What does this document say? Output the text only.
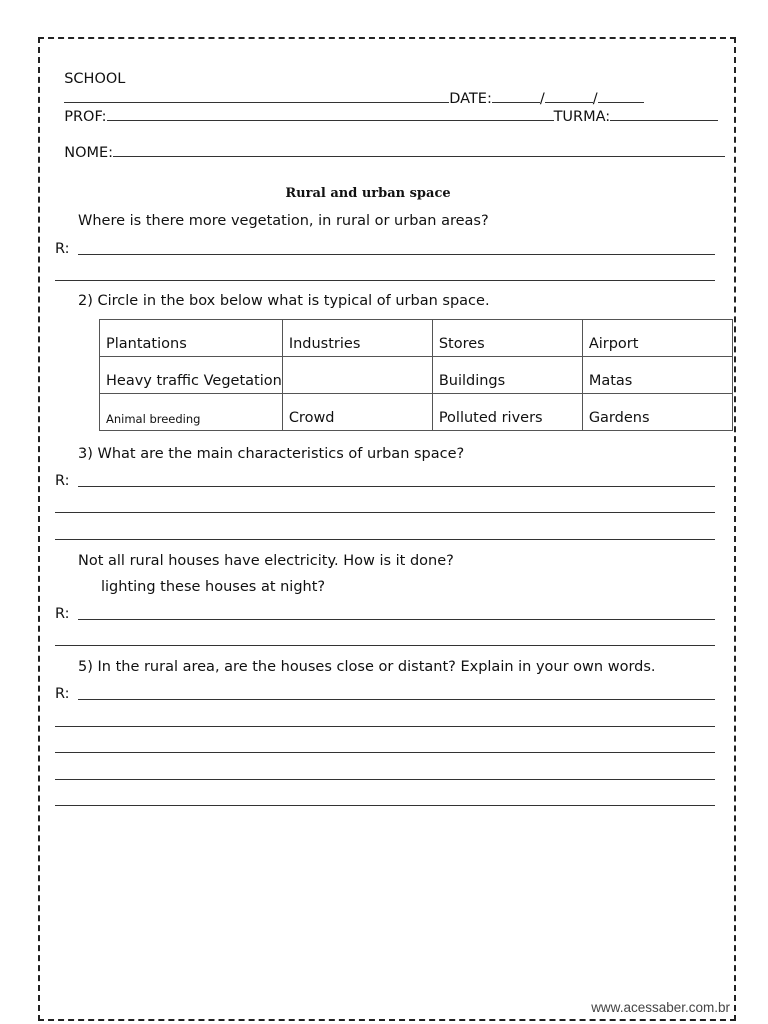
SCHOOL
DATE:	/	/

PROF:	TURMA:

NOME:

Rural and urban space
Where is there more vegetation, in rural or urban areas?
R:
2) Circle in the box below what is typical of urban space.
Plantations	Industries	Stores	Airport
Heavy traffic Vegetation		Buildings	Matas
Animal breeding	Crowd	Polluted rivers	Gardens
3) What are the main characteristics of urban space?
R:
Not all rural houses have electricity. How is it done?
lighting these houses at night?
R:
5) In the rural area, are the houses close or distant? Explain in your own words.
R:
www.acessaber.com.br
